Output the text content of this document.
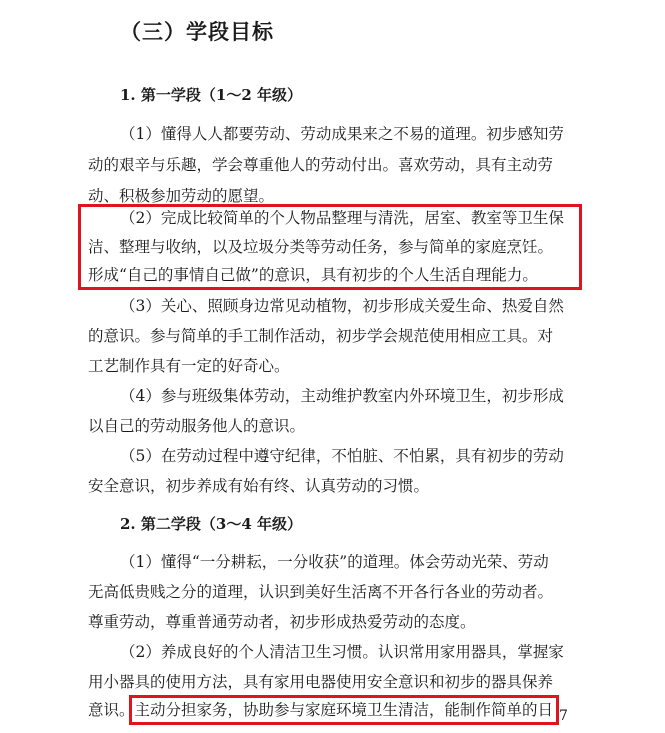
（三）学段目标
1. 第一学段（1～2 年级）

（1）懂得人人都要劳动、劳动成果来之不易的道理。初步感知劳

动的艰辛与乐趣，学会尊重他人的劳动付出。喜欢劳动，具有主动劳

动、积极参加劳动的愿望。

（2）完成比较简单的个人物品整理与清洗，居室、教室等卫生保

洁、整理与收纳，以及垃圾分类等劳动任务，参与简单的家庭烹饪。

形成“自己的事情自己做”的意识，具有初步的个人生活自理能力。

（3）关心、照顾身边常见动植物，初步形成关爱生命、热爱自然

的意识。参与简单的手工制作活动，初步学会规范使用相应工具。对

工艺制作具有一定的好奇心。

（4）参与班级集体劳动，主动维护教室内外环境卫生，初步形成

以自己的劳动服务他人的意识。

（5）在劳动过程中遵守纪律，不怕脏、不怕累，具有初步的劳动

安全意识，初步养成有始有终、认真劳动的习惯。

2. 第二学段（3～4 年级）

（1）懂得“一分耕耘，一分收获”的道理。体会劳动光荣、劳动

无高低贵贱之分的道理，认识到美好生活离不开各行各业的劳动者。

尊重劳动，尊重普通劳动者，初步形成热爱劳动的态度。

（2）养成良好的个人清洁卫生习惯。认识常用家用器具，掌握家

用小器具的使用方法，具有家用电器使用安全意识和初步的器具保养

意识。主动分担家务，协助参与家庭环境卫生清洁，能制作简单的日 7
